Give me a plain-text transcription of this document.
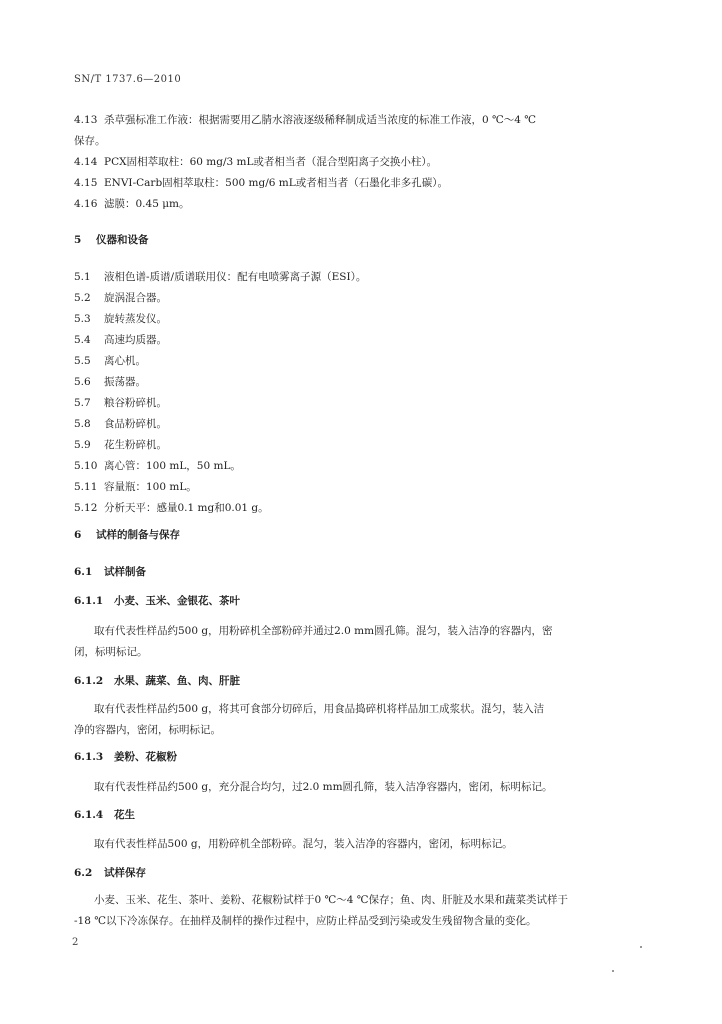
SN/T 1737.6—2010
4.13 杀草强标准工作液：根据需要用乙腈水溶液逐级稀释制成适当浓度的标准工作液，0 ℃～4 ℃
保存。
4.14 PCX固相萃取柱：60 mg/3 mL或者相当者（混合型阳离子交换小柱）。
4.15 ENVI-Carb固相萃取柱：500 mg/6 mL或者相当者（石墨化非多孔碳）。
4.16 滤膜：0.45 μm。
5 仪器和设备
5.1 液相色谱-质谱/质谱联用仪：配有电喷雾离子源（ESI）。
5.2 旋涡混合器。
5.3 旋转蒸发仪。
5.4 高速均质器。
5.5 离心机。
5.6 振荡器。
5.7 粮谷粉碎机。
5.8 食品粉碎机。
5.9 花生粉碎机。
5.10 离心管：100 mL，50 mL。
5.11 容量瓶：100 mL。
5.12 分析天平：感量0.1 mg和0.01 g。
6 试样的制备与保存
6.1 试样制备
6.1.1 小麦、玉米、金银花、茶叶
取有代表性样品约500 g，用粉碎机全部粉碎并通过2.0 mm圆孔筛。混匀，装入洁净的容器内，密
闭，标明标记。
6.1.2 水果、蔬菜、鱼、肉、肝脏
取有代表性样品约500 g，将其可食部分切碎后，用食品捣碎机将样品加工成浆状。混匀，装入洁
净的容器内，密闭，标明标记。
6.1.3 姜粉、花椒粉
取有代表性样品约500 g，充分混合均匀，过2.0 mm圆孔筛，装入洁净容器内，密闭，标明标记。
6.1.4 花生
取有代表性样品500 g，用粉碎机全部粉碎。混匀，装入洁净的容器内，密闭，标明标记。
6.2 试样保存
小麦、玉米、花生、茶叶、姜粉、花椒粉试样于0 ℃～4 ℃保存；鱼、肉、肝脏及水果和蔬菜类试样于
-18 ℃以下冷冻保存。在抽样及制样的操作过程中，应防止样品受到污染或发生残留物含量的变化。
2
